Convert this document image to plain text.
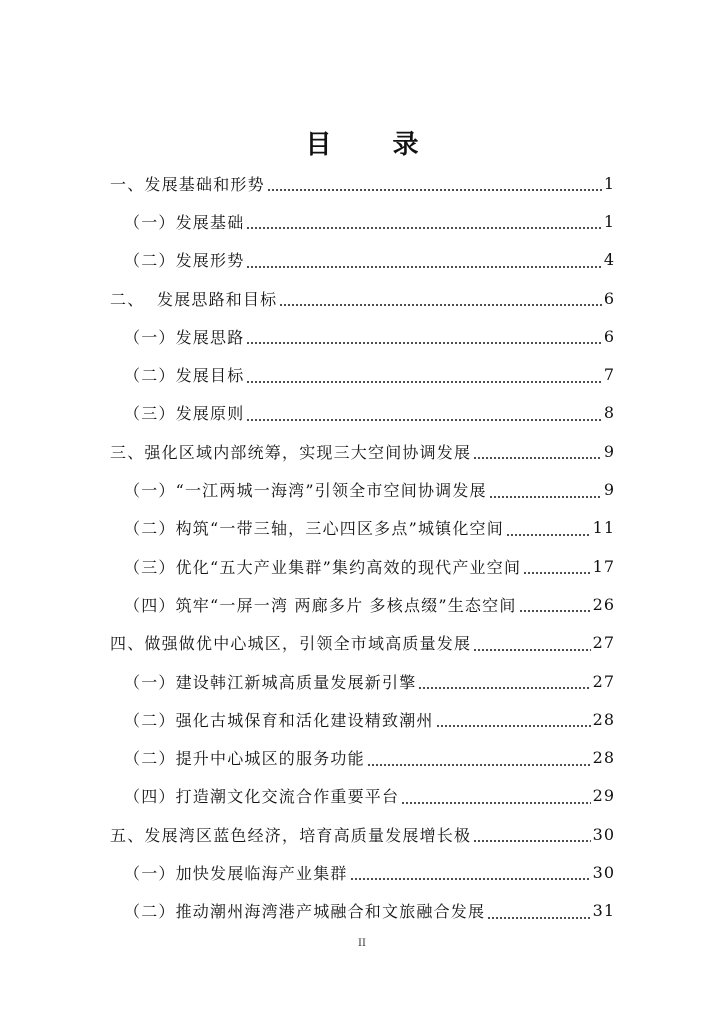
目 录
一、发展基础和形势	1
（一）发展基础	1
（二）发展形势	4
二、  发展思路和目标	6
（一）发展思路	6
（二）发展目标	7
（三）发展原则	8
三、强化区域内部统筹，实现三大空间协调发展	9
（一）“一江两城一海湾”引领全市空间协调发展	9
（二）构筑“一带三轴，三心四区多点”城镇化空间	11
（三）优化“五大产业集群”集约高效的现代产业空间	17
（四）筑牢“一屏一湾 两廊多片 多核点缀”生态空间	26
四、做强做优中心城区，引领全市域高质量发展	27
（一）建设韩江新城高质量发展新引擎	27
（二）强化古城保育和活化建设精致潮州	28
（二）提升中心城区的服务功能	28
（四）打造潮文化交流合作重要平台	29
五、发展湾区蓝色经济，培育高质量发展增长极	30
（一）加快发展临海产业集群	30
（二）推动潮州海湾港产城融合和文旅融合发展	31
II
